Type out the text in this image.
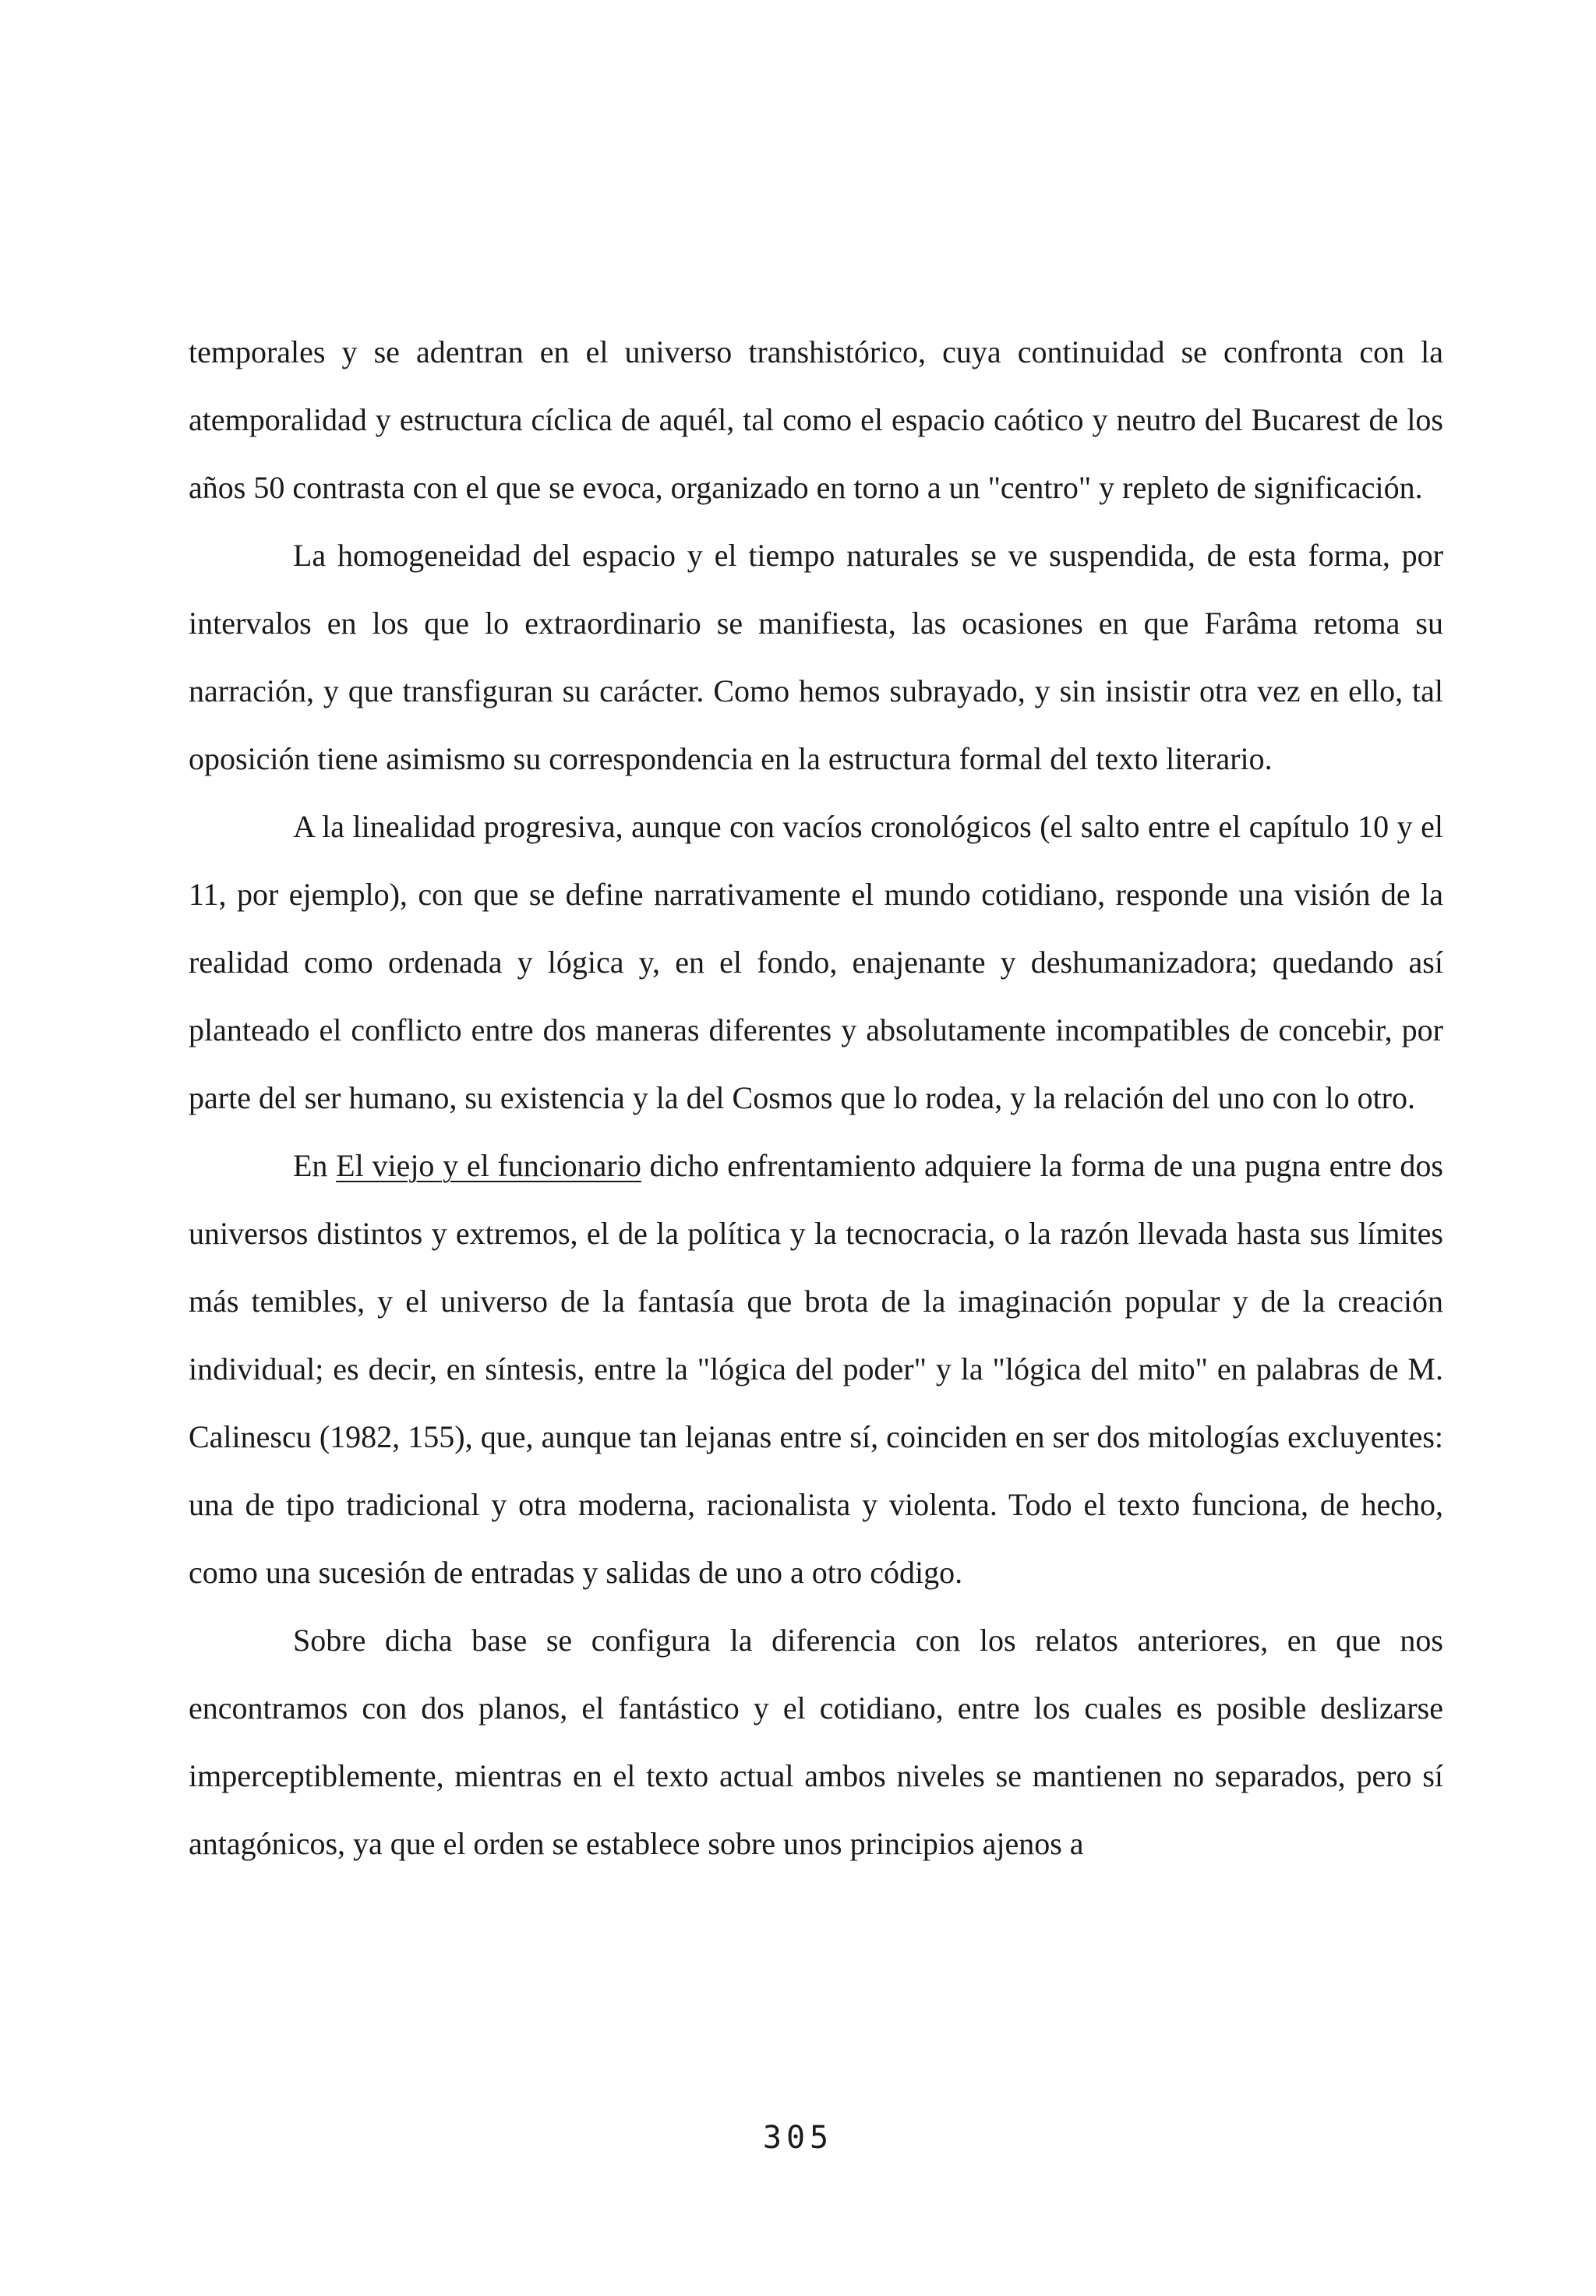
temporales y se adentran en el universo transhistórico, cuya continuidad se confronta con la atemporalidad y estructura cíclica de aquél, tal como el espacio caótico y neutro del Bucarest de los años 50 contrasta con el que se evoca, organizado en torno a un "centro" y repleto de significación.

La homogeneidad del espacio y el tiempo naturales se ve suspendida, de esta forma, por intervalos en los que lo extraordinario se manifiesta, las ocasiones en que Farâma retoma su narración, y que transfiguran su carácter. Como hemos subrayado, y sin insistir otra vez en ello, tal oposición tiene asimismo su correspondencia en la estructura formal del texto literario.

A la linealidad progresiva, aunque con vacíos cronológicos (el salto entre el capítulo 10 y el 11, por ejemplo), con que se define narrativamente el mundo cotidiano, responde una visión de la realidad como ordenada y lógica y, en el fondo, enajenante y deshumanizadora; quedando así planteado el conflicto entre dos maneras diferentes y absolutamente incompatibles de concebir, por parte del ser humano, su existencia y la del Cosmos que lo rodea, y la relación del uno con lo otro.

En El viejo y el funcionario dicho enfrentamiento adquiere la forma de una pugna entre dos universos distintos y extremos, el de la política y la tecnocracia, o la razón llevada hasta sus límites más temibles, y el universo de la fantasía que brota de la imaginación popular y de la creación individual; es decir, en síntesis, entre la "lógica del poder" y la "lógica del mito" en palabras de M. Calinescu (1982, 155), que, aunque tan lejanas entre sí, coinciden en ser dos mitologías excluyentes: una de tipo tradicional y otra moderna, racionalista y violenta. Todo el texto funciona, de hecho, como una sucesión de entradas y salidas de uno a otro código.

Sobre dicha base se configura la diferencia con los relatos anteriores, en que nos encontramos con dos planos, el fantástico y el cotidiano, entre los cuales es posible deslizarse imperceptiblemente, mientras en el texto actual ambos niveles se mantienen no separados, pero sí antagónicos, ya que el orden se establece sobre unos principios ajenos a

305
